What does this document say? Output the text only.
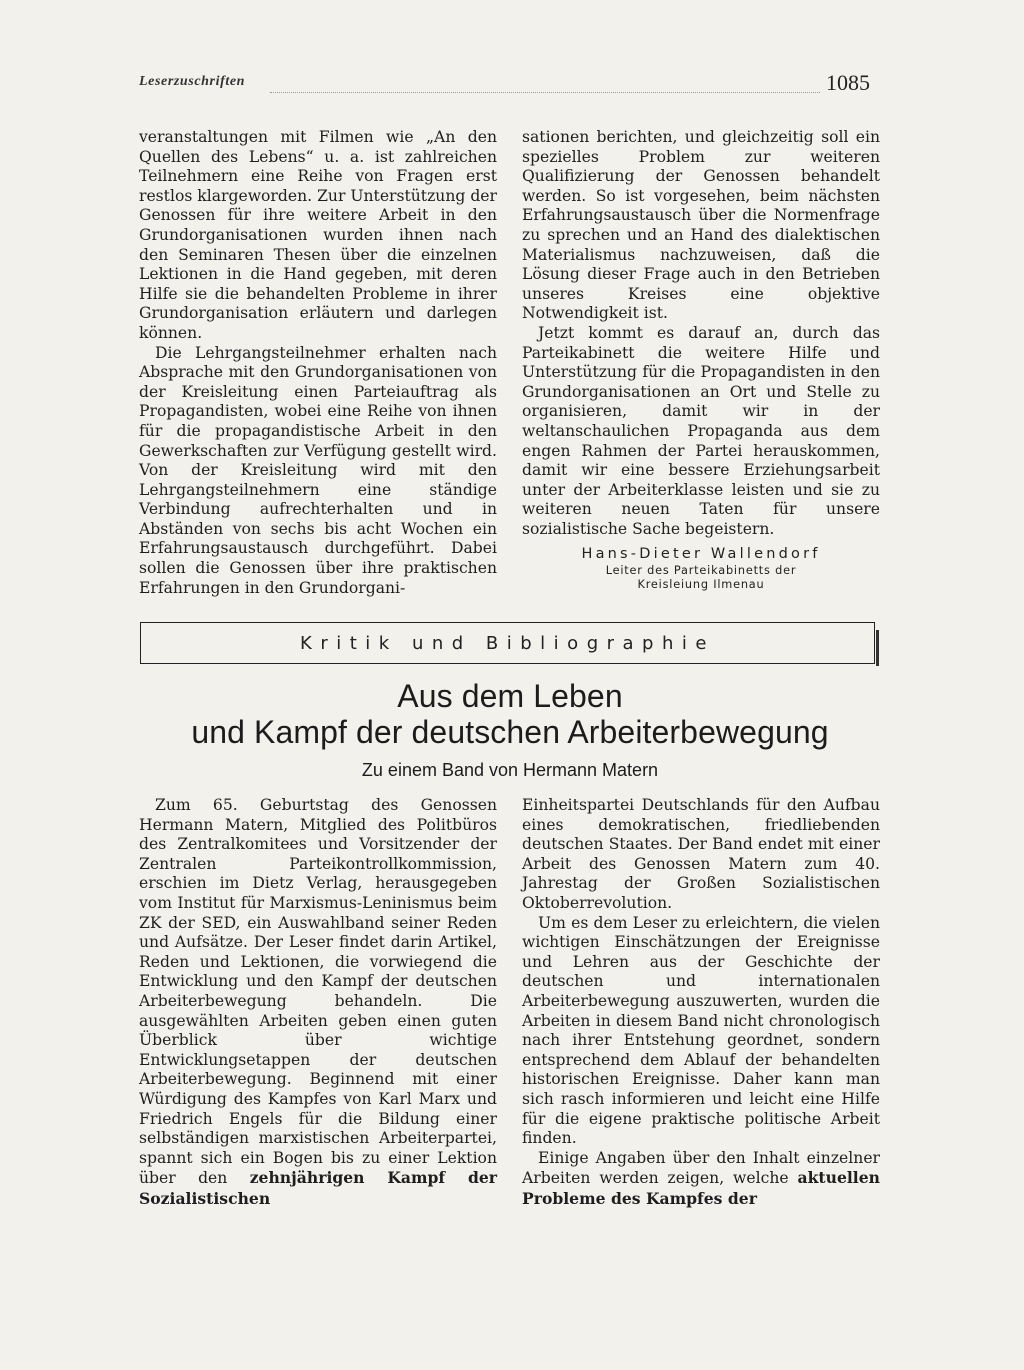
Leserzuschriften	1085

veranstaltungen mit Filmen wie „An den Quellen des Lebens“ u. a. ist zahlreichen Teilnehmern eine Reihe von Fragen erst restlos klargeworden. Zur Unterstützung der Genossen für ihre weitere Arbeit in den Grundorganisationen wurden ihnen nach den Seminaren Thesen über die einzelnen Lektionen in die Hand gegeben, mit deren Hilfe sie die behandelten Probleme in ihrer Grundorganisation erläutern und darlegen können.

Die Lehrgangsteilnehmer erhalten nach Absprache mit den Grundorganisationen von der Kreisleitung einen Parteiauftrag als Propagandisten, wobei eine Reihe von ihnen für die propagandistische Arbeit in den Gewerkschaften zur Verfügung gestellt wird. Von der Kreisleitung wird mit den Lehrgangsteilnehmern eine ständige Verbindung aufrechterhalten und in Abständen von sechs bis acht Wochen ein Erfahrungsaustausch durchgeführt. Dabei sollen die Genossen über ihre praktischen Erfahrungen in den Grundorgani-

sationen berichten, und gleichzeitig soll ein spezielles Problem zur weiteren Qualifizierung der Genossen behandelt werden. So ist vorgesehen, beim nächsten Erfahrungsaustausch über die Normenfrage zu sprechen und an Hand des dialektischen Materialismus nachzuweisen, daß die Lösung dieser Frage auch in den Betrieben unseres Kreises eine objektive Notwendigkeit ist.

Jetzt kommt es darauf an, durch das Parteikabinett die weitere Hilfe und Unterstützung für die Propagandisten in den Grundorganisationen an Ort und Stelle zu organisieren, damit wir in der weltanschaulichen Propaganda aus dem engen Rahmen der Partei herauskommen, damit wir eine bessere Erziehungsarbeit unter der Arbeiterklasse leisten und sie zu weiteren neuen Taten für unsere sozialistische Sache begeistern.

Hans-Dieter Wallendorf
Leiter des Parteikabinetts der
Kreisleiung Ilmenau
Kritik und Bibliographie
Aus dem Leben
und Kampf der deutschen Arbeiterbewegung
Zu einem Band von Hermann Matern

Zum 65. Geburtstag des Genossen Hermann Matern, Mitglied des Politbüros des Zentralkomitees und Vorsitzender der Zentralen Parteikontrollkommission, erschien im Dietz Verlag, herausgegeben vom Institut für Marxismus-Leninismus beim ZK der SED, ein Auswahlband seiner Reden und Aufsätze. Der Leser findet darin Artikel, Reden und Lektionen, die vorwiegend die Entwicklung und den Kampf der deutschen Arbeiterbewegung behandeln. Die ausgewählten Arbeiten geben einen guten Überblick über wichtige Entwicklungsetappen der deutschen Arbeiterbewegung. Beginnend mit einer Würdigung des Kampfes von Karl Marx und Friedrich Engels für die Bildung einer selbständigen marxistischen Arbeiterpartei, spannt sich ein Bogen bis zu einer Lektion über den zehnjährigen Kampf der Sozialistischen

Einheitspartei Deutschlands für den Aufbau eines demokratischen, friedliebenden deutschen Staates. Der Band endet mit einer Arbeit des Genossen Matern zum 40. Jahrestag der Großen Sozialistischen Oktoberrevolution.

Um es dem Leser zu erleichtern, die vielen wichtigen Einschätzungen der Ereignisse und Lehren aus der Geschichte der deutschen und internationalen Arbeiterbewegung auszuwerten, wurden die Arbeiten in diesem Band nicht chronologisch nach ihrer Entstehung geordnet, sondern entsprechend dem Ablauf der behandelten historischen Ereignisse. Daher kann man sich rasch informieren und leicht eine Hilfe für die eigene praktische politische Arbeit finden.

Einige Angaben über den Inhalt einzelner Arbeiten werden zeigen, welche aktuellen Probleme des Kampfes der
